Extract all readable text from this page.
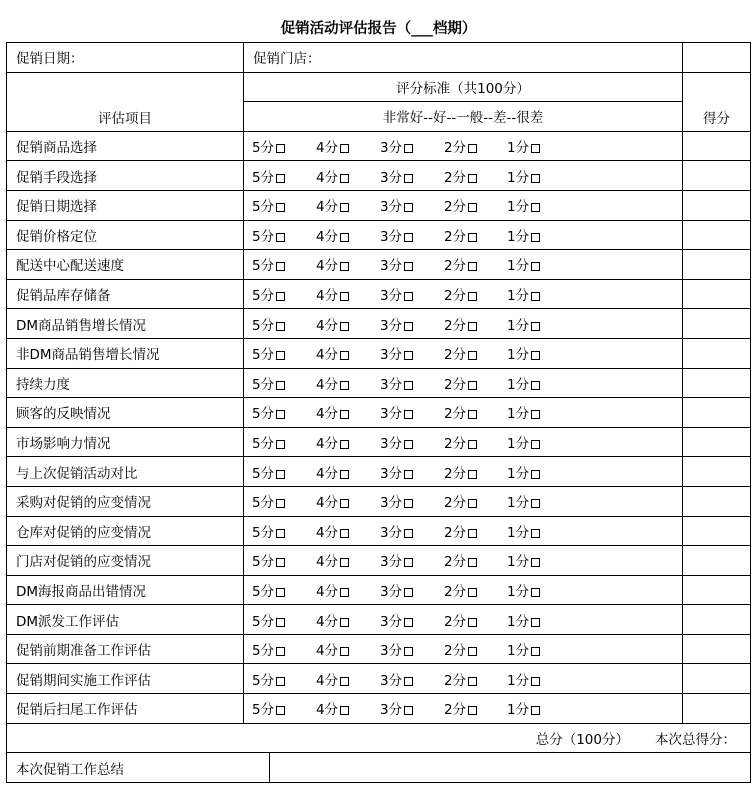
促销活动评估报告（___档期）		
促销日期：	促销门店：	
评估项目	评分标准（共100分）	得分
	非常好--好--一般--差--很差	
促销商品选择	5分 4分 3分 2分 1分	

促销手段选择	5分 4分 3分 2分 1分	

促销日期选择	5分 4分 3分 2分 1分	

促销价格定位	5分 4分 3分 2分 1分	

配送中心配送速度	5分 4分 3分 2分 1分	

促销品库存储备	5分 4分 3分 2分 1分	

DM商品销售增长情况	5分 4分 3分 2分 1分	

非DM商品销售增长情况	5分 4分 3分 2分 1分	

持续力度	5分 4分 3分 2分 1分	

顾客的反映情况	5分 4分 3分 2分 1分	

市场影响力情况	5分 4分 3分 2分 1分	

与上次促销活动对比	5分 4分 3分 2分 1分	

采购对促销的应变情况	5分 4分 3分 2分 1分	

仓库对促销的应变情况	5分 4分 3分 2分 1分	

门店对促销的应变情况	5分 4分 3分 2分 1分	

DM海报商品出错情况	5分 4分 3分 2分 1分	

DM派发工作评估	5分 4分 3分 2分 1分	

促销前期准备工作评估	5分 4分 3分 2分 1分	

促销期间实施工作评估	5分 4分 3分 2分 1分	

促销后扫尾工作评估	5分 4分 3分 2分 1分	

总分（100分） 本次总得分：		
本次促销工作总结	
